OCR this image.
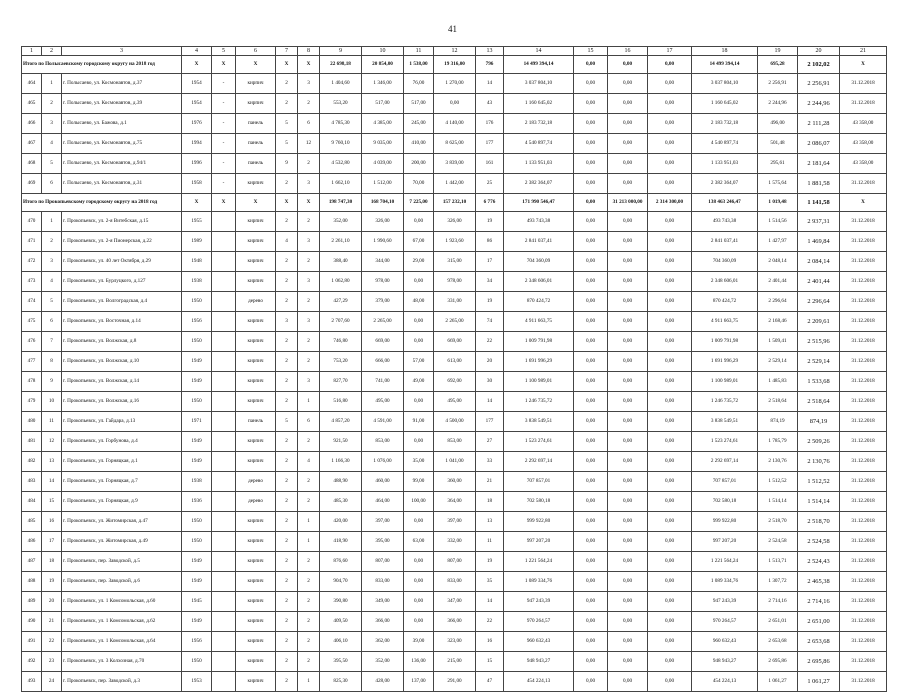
41
1	2	3	4	5	6	7	8	9	10	11	12	13	14	15	16	17	18	19	20	21
Итого по Полысаевскому городскому округу на 2018 год			X	X	X	X	X	22 698,18	20 854,00	1 538,00	19 316,00	796	14 499 394,14	0,00	0,00	0,00	14 499 394,14	695,28	2 102,02	X
464	1	г. Полысаево, ул. Космонавтов, д.37	1954	-	кирпич	2	3	1 404,60	1 346,00	76,00	1 270,00	14	3 037 804,10	0,00	0,00	0,00	3 037 804,10	2 256,91	2 256,91	31.12.2018
465	2	г. Полысаево, ул. Космонавтов, д.39	1954	-	кирпич	2	2	553,20	517,00	517,00	0,00	43	1 160 645,02	0,00	0,00	0,00	1 160 645,02	2 244,96	2 244,96	31.12.2018
466	3	г. Полысаево, ул. Бажова, д.1	1976	-	панель	5	6	4 785,30	4 385,00	245,00	4 140,00	176	2 183 732,18	0,00	0,00	0,00	2 183 732,18	496,00	2 111,28	43 358,00
467	4	г. Полысаево, ул. Космонавтов, д.75	1994	-	панель	5	12	9 760,10	9 035,00	410,00	8 625,00	177	4 540 897,74	0,00	0,00	0,00	4 540 897,74	501,48	2 086,07	43 358,00
468	5	г. Полысаево, ул. Космонавтов, д.94/1	1996	-	панель	9	2	4 532,80	4 039,00	200,00	3 839,00	161	1 133 951,03	0,00	0,00	0,00	1 133 951,03	295,61	2 181,64	43 358,00
469	6	г. Полысаево, ул. Космонавтов, д.31	1958	-	кирпич	2	3	1 662,10	1 512,00	70,00	1 442,00	25	2 382 364,07	0,00	0,00	0,00	2 382 364,07	1 575,64	1 881,58	31.12.2018
Итого по Прокопьевскому городскому округу на 2018 год			X	X	X	X	X	198 747,30	168 704,10	7 225,00	157 232,10	6 776	171 990 546,47	0,00	31 213 000,00	2 314 300,00	138 463 246,47	1 019,48	1 141,58	X
470	1	г. Прокопьевск, ул. 2-я Витебская, д.15	1955		кирпич	2	2	352,00	326,00	0,00	326,00	19	493 743,38	0,00	0,00	0,00	493 743,38	1 514,56	2 937,31	31.12.2018
471	2	г. Прокопьевск, ул. 2-я Пионерская, д.22	1989		кирпич	4	3	2 261,10	1 990,60	67,00	1 923,60	86	2 841 037,41	0,00	0,00	0,00	2 841 037,41	1 427,97	1 469,84	31.12.2018
472	3	г. Прокопьевск, ул. 40 лет Октября, д.29	1948		кирпич	2	2	388,40	344,00	29,00	315,00	17	704 360,09	0,00	0,00	0,00	704 360,09	2 048,14	2 084,14	31.12.2018
473	4	г. Прокопьевск, ул. Бурлуцкого, д.127	1938		кирпич	2	3	1 062,80	978,00	0,00	978,00	34	2 348 606,01	0,00	0,00	0,00	2 348 606,01	2 401,44	2 401,44	31.12.2018
474	5	г. Прокопьевск, ул. Волгоградская, д.4	1950		дерево	2	2	427,29	379,00	48,00	331,00	19	870 424,72	0,00	0,00	0,00	870 424,72	2 296,64	2 296,64	31.12.2018
475	6	г. Прокопьевск, ул. Восточная, д.14	1956		кирпич	3	3	2 707,60	2 265,00	0,00	2 265,00	74	4 911 663,75	0,00	0,00	0,00	4 911 663,75	2 168,46	2 209,61	31.12.2018
476	7	г. Прокопьевск, ул. Волжская, д.8	1950		кирпич	2	2	746,80	669,00	0,00	669,00	22	1 009 791,98	0,00	0,00	0,00	1 009 791,98	1 509,41	2 515,96	31.12.2018
477	8	г. Прокопьевск, ул. Волжская, д.10	1949		кирпич	2	2	753,20	666,00	57,00	613,00	20	1 691 996,29	0,00	0,00	0,00	1 691 996,29	2 529,14	2 529,14	31.12.2018
478	9	г. Прокопьевск, ул. Волжская, д.14	1949		кирпич	2	3	827,70	741,00	49,00	692,00	30	1 100 989,01	0,00	0,00	0,00	1 100 989,01	1 485,83	1 533,68	31.12.2018
479	10	г. Прокопьевск, ул. Волжская, д.16	1950		кирпич	2	1	516,80	495,00	0,00	495,00	14	1 246 735,72	0,00	0,00	0,00	1 246 735,72	2 518,64	2 518,64	31.12.2018
480	11	г. Прокопьевск, ул. Гайдара, д.13	1971		панель	5	6	4 857,20	4 591,00	91,00	4 500,00	177	3 838 549,51	0,00	0,00	0,00	3 838 549,51	874,19	874,19	31.12.2018
481	12	г. Прокопьевск, ул. Горбунова, д.4	1949		кирпич	2	2	921,50	853,00	0,00	853,00	27	1 523 274,61	0,00	0,00	0,00	1 523 274,61	1 785,79	2 509,26	31.12.2018
482	13	г. Прокопьевск, ул. Горняцкая, д.1	1949		кирпич	2	4	1 166,30	1 076,00	35,00	1 041,00	33	2 292 697,14	0,00	0,00	0,00	2 292 697,14	2 130,76	2 130,76	31.12.2018
483	14	г. Прокопьевск, ул. Горняцкая, д.7	1938		дерево	2	2	488,90	460,00	99,00	360,00	21	707 857,01	0,00	0,00	0,00	707 857,01	1 512,52	1 512,52	31.12.2018
484	15	г. Прокопьевск, ул. Горняцкая, д.9	1936		дерево	2	2	485,30	464,00	100,00	364,00	18	702 580,18	0,00	0,00	0,00	702 580,18	1 514,14	1 514,14	31.12.2018
485	16	г. Прокопьевск, ул. Житомирская, д.47	1950		кирпич	2	1	420,00	397,00	0,00	397,00	13	999 922,80	0,00	0,00	0,00	999 922,80	2 518,70	2 518,70	31.12.2018
486	17	г. Прокопьевск, ул. Житомирская, д.49	1950		кирпич	2	1	418,90	395,00	63,00	332,00	11	997 207,20	0,00	0,00	0,00	997 207,20	2 524,58	2 524,58	31.12.2018
487	18	г. Прокопьевск, пер. Заводской, д.5	1949		кирпич	2	2	876,60	807,00	0,00	807,00	19	1 221 564,24	0,00	0,00	0,00	1 221 564,24	1 513,71	2 524,43	31.12.2018
488	19	г. Прокопьевск, пер. Заводской, д.6	1949		кирпич	2	2	904,70	833,00	0,00	833,00	35	1 089 334,76	0,00	0,00	0,00	1 089 334,76	1 307,72	2 465,38	31.12.2018
489	20	г. Прокопьевск, ул. 1 Комсомольская, д.60	1945		кирпич	2	2	390,80	349,00	0,00	347,00	14	947 243,39	0,00	0,00	0,00	947 243,39	2 714,16	2 714,16	31.12.2018
490	21	г. Прокопьевск, ул. 1 Комсомольская, д.62	1949		кирпич	2	2	409,50	366,00	0,00	366,00	22	970 264,57	0,00	0,00	0,00	970 264,57	2 651,01	2 651,00	31.12.2018
491	22	г. Прокопьевск, ул. 1 Комсомольская, д.64	1956		кирпич	2	2	406,10	362,00	39,00	323,00	16	960 632,43	0,00	0,00	0,00	960 632,43	2 653,68	2 653,68	31.12.2018
492	23	г. Прокопьевск, ул. 3 Колхозная, д.70	1950		кирпич	2	2	395,50	352,00	136,00	215,00	15	948 943,27	0,00	0,00	0,00	948 943,27	2 695,86	2 695,86	31.12.2018
493	24	г. Прокопьевск, пер. Заводской, д.3	1953		кирпич	2	1	825,30	428,00	137,00	291,00	47	454 224,13	0,00	0,00	0,00	454 224,13	1 061,27	1 061,27	31.12.2018
